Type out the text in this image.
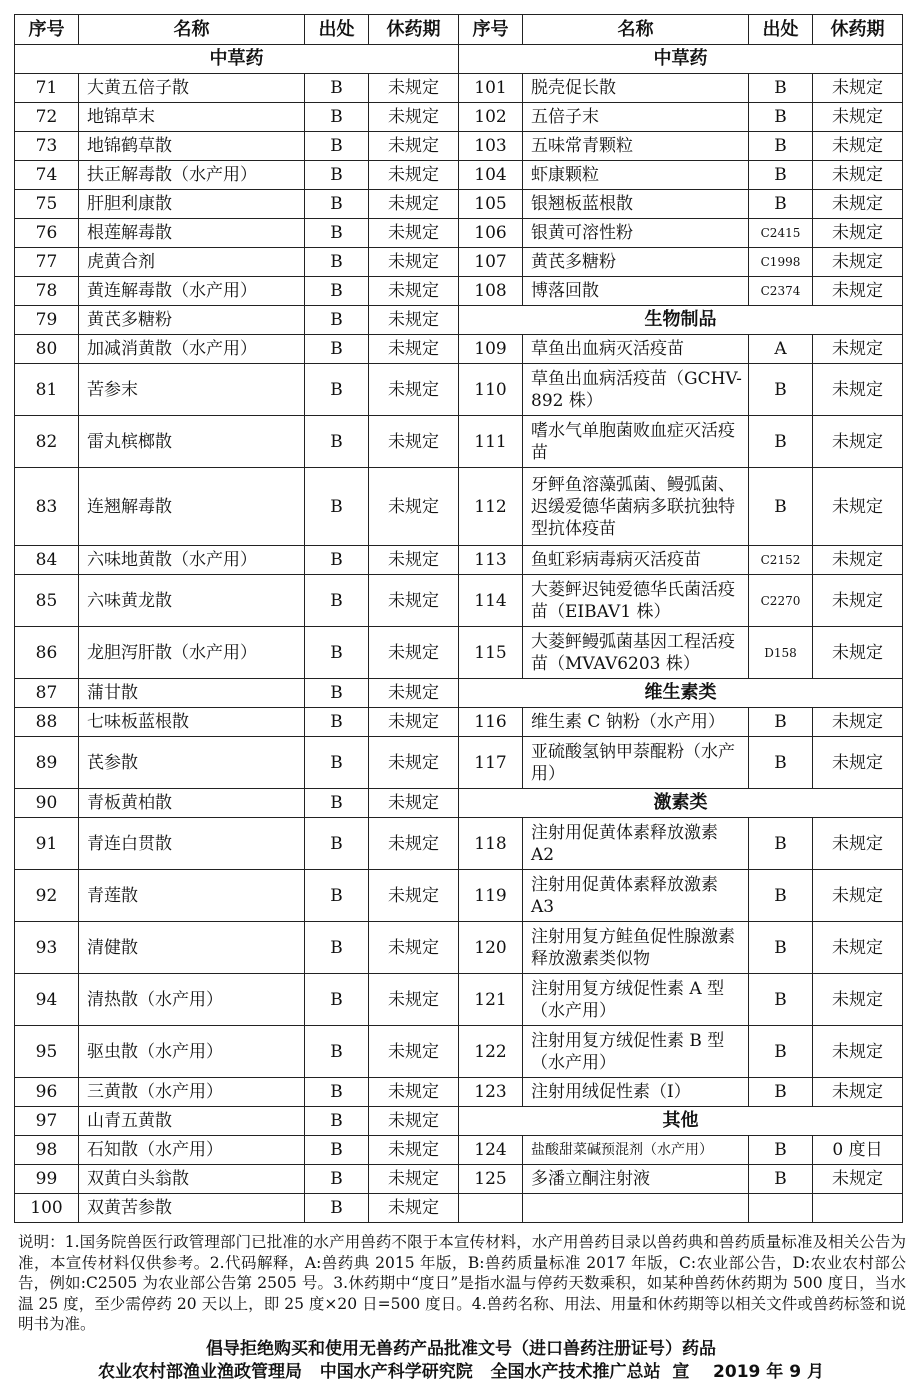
序号	名称	出处	休药期
中草药			
71	大黄五倍子散	B	未规定
72	地锦草末	B	未规定
73	地锦鹤草散	B	未规定
74	扶正解毒散（水产用）	B	未规定
75	肝胆利康散	B	未规定
76	根莲解毒散	B	未规定
77	虎黄合剂	B	未规定
78	黄连解毒散（水产用）	B	未规定
79	黄芪多糖粉	B	未规定
80	加减消黄散（水产用）	B	未规定
81	苦参末	B	未规定
82	雷丸槟榔散	B	未规定
83	连翘解毒散	B	未规定
84	六味地黄散（水产用）	B	未规定
85	六味黄龙散	B	未规定
86	龙胆泻肝散（水产用）	B	未规定
87	蒲甘散	B	未规定
88	七味板蓝根散	B	未规定
89	芪参散	B	未规定
90	青板黄柏散	B	未规定
91	青连白贯散	B	未规定
92	青莲散	B	未规定
93	清健散	B	未规定
94	清热散（水产用）	B	未规定
95	驱虫散（水产用）	B	未规定
96	三黄散（水产用）	B	未规定
97	山青五黄散	B	未规定
98	石知散（水产用）	B	未规定
99	双黄白头翁散	B	未规定
100	双黄苦参散	B	未规定
序号	名称	出处	休药期
中草药			
101	脱壳促长散	B	未规定
102	五倍子末	B	未规定
103	五味常青颗粒	B	未规定
104	虾康颗粒	B	未规定
105	银翘板蓝根散	B	未规定
106	银黄可溶性粉	C2415	未规定
107	黄芪多糖粉	C1998	未规定
108	博落回散	C2374	未规定
生物制品			
109	草鱼出血病灭活疫苗	A	未规定
110	草鱼出血病活疫苗（GCHV-892 株）	B	未规定
111	嗜水气单胞菌败血症灭活疫苗	B	未规定
112	牙鲆鱼溶藻弧菌、鳗弧菌、迟缓爱德华菌病多联抗独特型抗体疫苗	B	未规定
113	鱼虹彩病毒病灭活疫苗	C2152	未规定
114	大菱鲆迟钝爱德华氏菌活疫苗（EIBAV1 株）	C2270	未规定
115	大菱鲆鳗弧菌基因工程活疫苗（MVAV6203 株）	D158	未规定
维生素类			
116	维生素 C 钠粉（水产用）	B	未规定
117	亚硫酸氢钠甲萘醌粉（水产用）	B	未规定
激素类			
118	注射用促黄体素释放激素 A2	B	未规定
119	注射用促黄体素释放激素 A3	B	未规定
120	注射用复方鲑鱼促性腺激素释放激素类似物	B	未规定
121	注射用复方绒促性素 A 型（水产用）	B	未规定
122	注射用复方绒促性素 B 型（水产用）	B	未规定
123	注射用绒促性素（I）	B	未规定
其他			
124	盐酸甜菜碱预混剂（水产用）	B	0 度日
125	多潘立酮注射液	B	未规定

说明：1.国务院兽医行政管理部门已批准的水产用兽药不限于本宣传材料，水产用兽药目录以兽药典和兽药质量标准及相关公告为准，本宣传材料仅供参考。2.代码解释，A:兽药典 2015 年版，B:兽药质量标准 2017 年版，C:农业部公告，D:农业农村部公告，例如:C2505 为农业部公告第 2505 号。3.休药期中“度日”是指水温与停药天数乘积，如某种兽药休药期为 500 度日，当水温 25 度，至少需停药 20 天以上，即 25 度×20 日=500 度日。4.兽药名称、用法、用量和休药期等以相关文件或兽药标签和说明书为准。
倡导拒绝购买和使用无兽药产品批准文号（进口兽药注册证号）药品
农业农村部渔业渔政管理局   中国水产科学研究院   全国水产技术推广总站  宣    2019 年 9 月
